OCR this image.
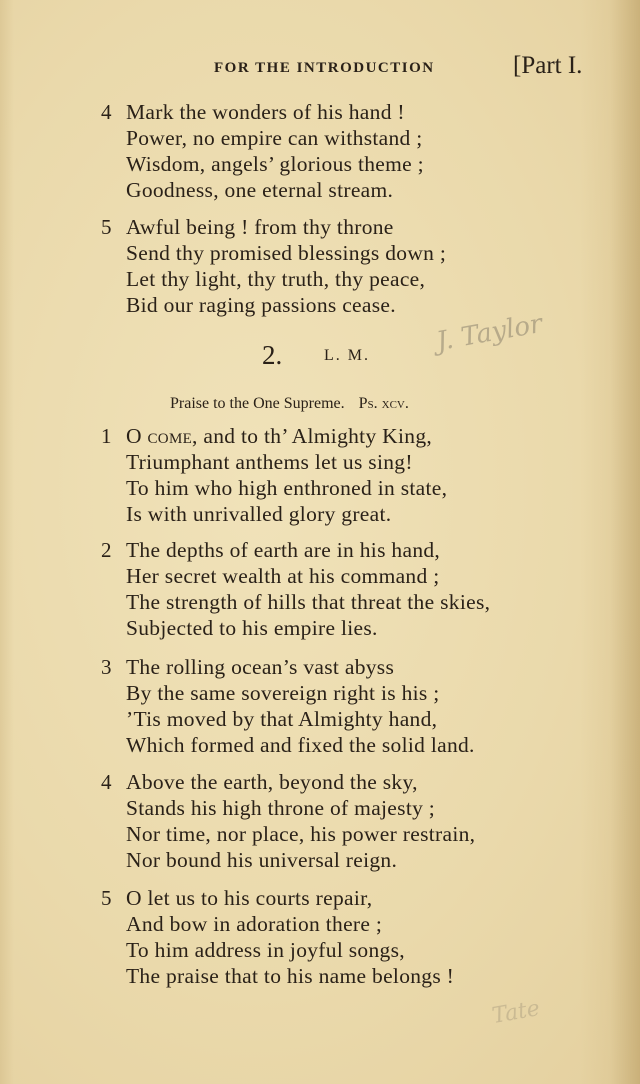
FOR THE INTRODUCTION	[Part I.
4 Mark the wonders of his hand !
Power, no empire can withstand ;
Wisdom, angels’ glorious theme ;
Goodness, one eternal stream.
5 Awful being ! from thy throne
Send thy promised blessings down ;
Let thy light, thy truth, thy peace,
Bid our raging passions cease.
J. Taylor
2.	L. M.
Praise to the One Supreme. Ps. xcv.
1 O come, and to th’ Almighty King,
Triumphant anthems let us sing!
To him who high enthroned in state,
Is with unrivalled glory great.
2 The depths of earth are in his hand,
Her secret wealth at his command ;
The strength of hills that threat the skies,
Subjected to his empire lies.
3 The rolling ocean’s vast abyss
By the same sovereign right is his ;
’Tis moved by that Almighty hand,
Which formed and fixed the solid land.
4 Above the earth, beyond the sky,
Stands his high throne of majesty ;
Nor time, nor place, his power restrain,
Nor bound his universal reign.
5 O let us to his courts repair,
And bow in adoration there ;
To him address in joyful songs,
The praise that to his name belongs !
Tate
